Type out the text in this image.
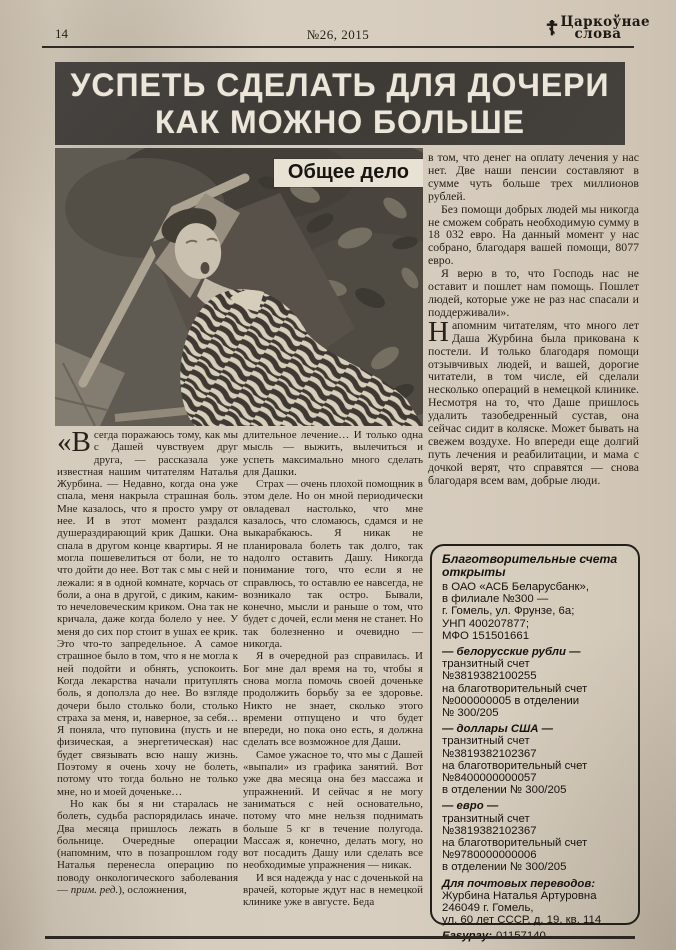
14	№26, 2015	☦ Царкоўнае
слова
УСПЕТЬ СДЕЛАТЬ ДЛЯ ДОЧЕРИ
КАК МОЖНО БОЛЬШЕ
Общее дело

«Всегда поражаюсь тому, как мы с Дашей чувствуем друг друга, — рассказала уже известная нашим читателям Наталья Журбина. — Недавно, когда она уже спала, меня накрыла страшная боль. Мне казалось, что я просто умру от нее. И в этот момент раздался душераздирающий крик Дашки. Она спала в другом конце квартиры. Я не могла пошевелиться от боли, не то что дойти до нее. Вот так с мы с ней и лежали: я в одной комнате, корчась от боли, а она в другой, с диким, каким-то нечеловеческим криком. Она так не кричала, даже когда болело у нее. У меня до сих пор стоит в ушах ее крик. Это что-то запредельное. А самое страшное было в том, что я не могла к ней подойти и обнять, успокоить. Когда лекарства начали притуплять боль, я доползла до нее. Во взгляде дочери было столько боли, столько страха за меня, и, наверное, за себя… Я поняла, что пуповина (пусть и не физическая, а энергетическая) нас будет связывать всю нашу жизнь. Поэтому я очень хочу не болеть, потому что тогда больно не только мне, но и моей доченьке…

Но как бы я ни старалась не болеть, судьба распорядилась иначе. Два месяца пришлось лежать в больнице. Очередные операции (напомним, что в позапрошлом году Наталья перенесла операцию по поводу онкологического заболевания — прим. ред.), осложнения,

длительное лечение… И только одна мысль — выжить, вылечиться и успеть максимально много сделать для Дашки.

Страх — очень плохой помощник в этом деле. Но он мной периодически овладевал настолько, что мне казалось, что сломаюсь, сдамся и не выкарабкаюсь. Я никак не планировала болеть так долго, так надолго оставить Дашу. Никогда понимание того, что если я не справлюсь, то оставлю ее навсегда, не возникало так остро. Бывали, конечно, мысли и раньше о том, что будет с дочей, если меня не станет. Но так болезненно и очевидно — никогда.

Я в очередной раз справилась. И Бог мне дал время на то, чтобы я снова могла помочь своей доченьке продолжить борьбу за ее здоровье. Никто не знает, сколько этого времени отпущено и что будет впереди, но пока оно есть, я должна сделать все возможное для Даши.

Самое ужасное то, что мы с Дашей «выпали» из графика занятий. Вот уже два месяца она без массажа и упражнений. И сейчас я не могу заниматься с ней основательно, потому что мне нельзя поднимать больше 5 кг в течение полугода. Массаж я, конечно, делать могу, но вот посадить Дашу или сделать все необходимые упражнения — никак.

И вся надежда у нас с доченькой на врачей, которые ждут нас в немецкой клинике уже в августе. Беда

в том, что денег на оплату лечения у нас нет. Две наши пенсии составляют в сумме чуть больше трех миллионов рублей.

Без помощи добрых людей мы никогда не сможем собрать необходимую сумму в 18 032 евро. На данный момент у нас собрано, благодаря вашей помощи, 8077 евро.

Я верю в то, что Господь нас не оставит и пошлет нам помощь. Пошлет людей, которые уже не раз нас спасали и поддерживали».

Напомним читателям, что много лет Даша Журбина была прикована к постели. И только благодаря помощи отзывчивых людей, и вашей, дорогие читатели, в том числе, ей сделали несколько операций в немецкой клинике. Несмотря на то, что Даше пришлось удалить тазобедренный сустав, она сейчас сидит в коляске. Может бывать на свежем воздухе. Но впереди еще долгий путь лечения и реабилитации, и мама с дочкой верят, что справятся — снова благодаря всем вам, добрые люди.

Благотворительные счета открыты
в ОАО «АСБ Беларусбанк»,
в филиале №300 —
г. Гомель, ул. Фрунзе, 6а;
УНП 400207877;
МФО 151501661
— белорусские рубли —
транзитный счет
№3819382100255
на благотворительный счет
№000000005 в отделении
№ 300/205
— доллары США —
транзитный счет
№3819382102367
на благотворительный счет
№8400000000057
в отделении № 300/205
— евро —
транзитный счет
№3819382102367
на благотворительный счет
№9780000000006
в отделении № 300/205
Для почтовых переводов:
Журбина Наталья Артуровна
246049 г. Гомель,
ул. 60 лет СССР, д. 19, кв. 114
